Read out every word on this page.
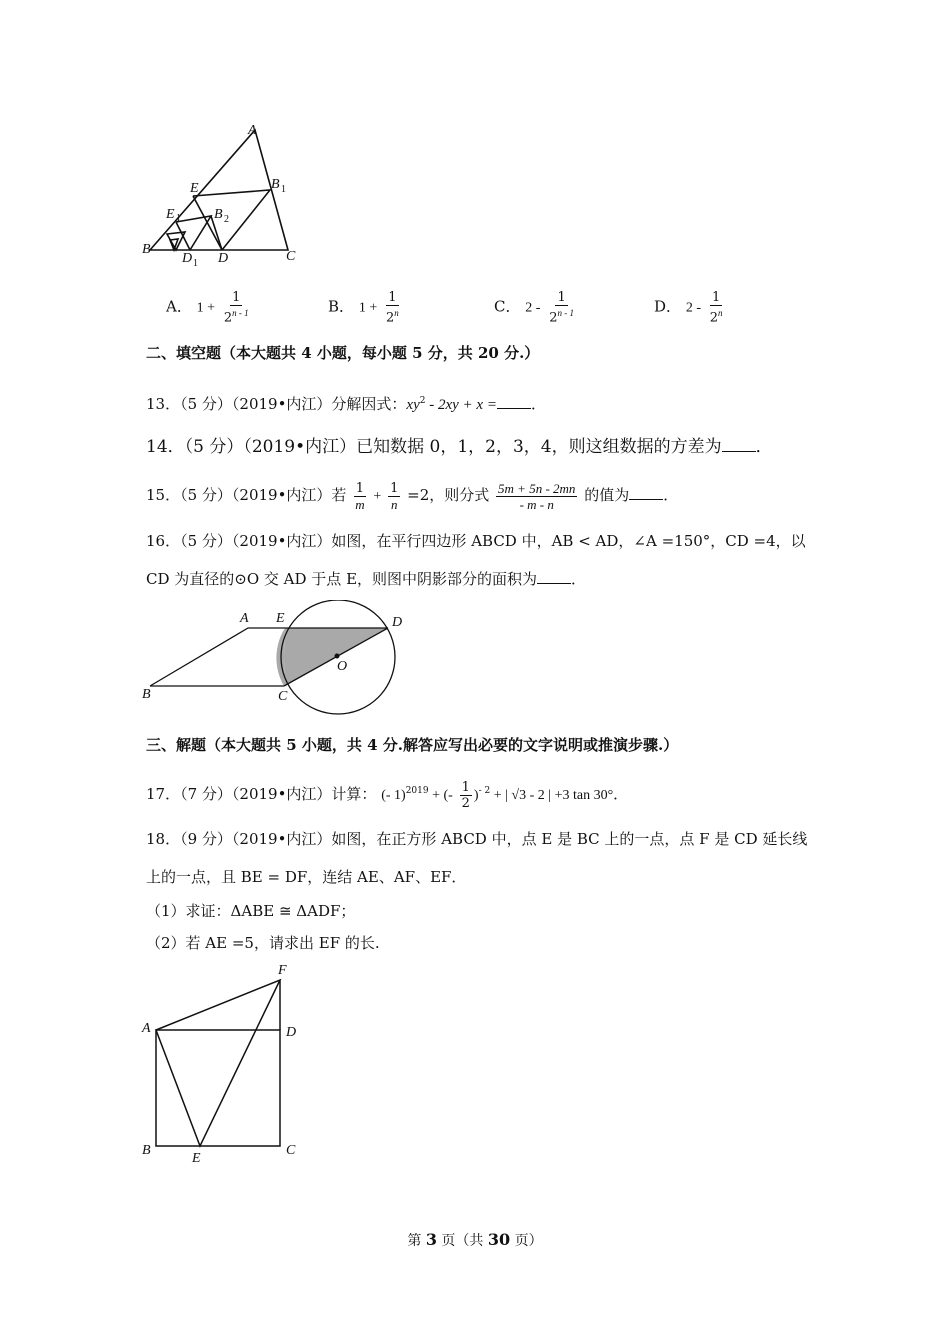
A
B	C
D
D 1
E
E 1
B 1
B 2
A． $1 + \frac{1}{2^{n - 1}}$	B． $1 + \frac{1}{2^n}$	C． $2 - \frac{1}{2^{n - 1}}$	D． $2 - \frac{1}{2^n}$
二、填空题（本大题共 4 小题，每小题 5 分，共 20 分.）
13．（5 分）（2019•内江）分解因式：$xy^2 - 2xy + x$ = ．
14．（5 分）（2019•内江）已知数据 0，1，2，3，4，则这组数据的方差为 ．
15．（5 分）（2019•内江）若 $\frac{1}{m} + \frac{1}{n} =2$，则分式 $\frac{5m + 5n - 2mn}{- m - n}$ 的值为 ．
16．（5 分）（2019•内江）如图，在平行四边形 ABCD 中，AB < AD，∠A =150°，CD =4，以
CD 为直径的⊙O 交 AD 于点 E，则图中阴影部分的面积为 ．
A
B	C
D
E
O
三、解题（本大题共 5 小题，共 4 分.解答应写出必要的文字说明或推演步骤.）
17．（7 分）（2019•内江）计算： (- 1)$^{2019}$ + (- $\frac{1}{2} )^{- 2}$ + | √3 - 2 | +3 tan 30°．
18．（9 分）（2019•内江）如图，在正方形 ABCD 中，点 E 是 BC 上的一点，点 F 是 CD 延长线
上的一点，且 BE = DF，连结 AE、AF、EF．
（1）求证：ΔABE ≅ ΔADF；
（2）若 AE =5，请求出 EF 的长.
A
B	C
D
E
F
第 3 页（共 30 页）
